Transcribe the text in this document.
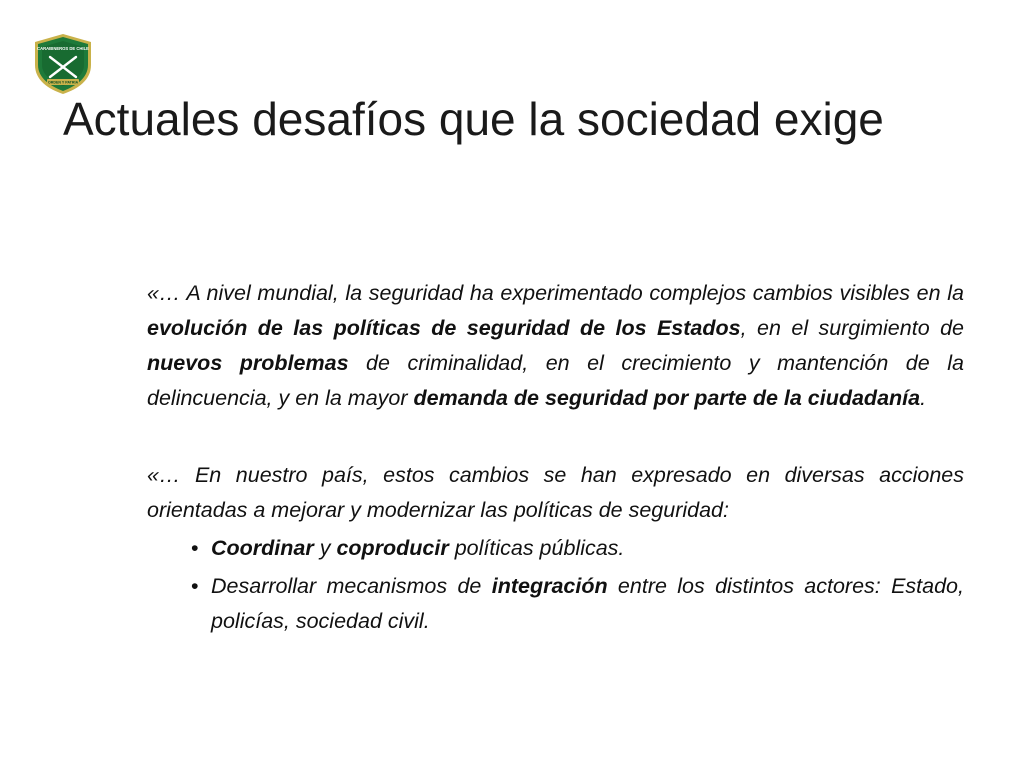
CARABINEROS DE CHILE
ORDEN Y PATRIA
Actuales desafíos que la sociedad exige

«… A nivel mundial, la seguridad ha experimentado complejos cambios visibles en la evolución de las políticas de seguridad de los Estados, en el surgimiento de nuevos problemas de criminalidad, en el crecimiento y mantención de la delincuencia, y en la mayor demanda de seguridad por parte de la ciudadanía.

«… En nuestro país, estos cambios se han expresado en diversas acciones orientadas a mejorar y modernizar las políticas de seguridad:

• Coordinar y coproducir políticas públicas.
• Desarrollar mecanismos de integración entre los distintos actores: Estado, policías, sociedad civil.
